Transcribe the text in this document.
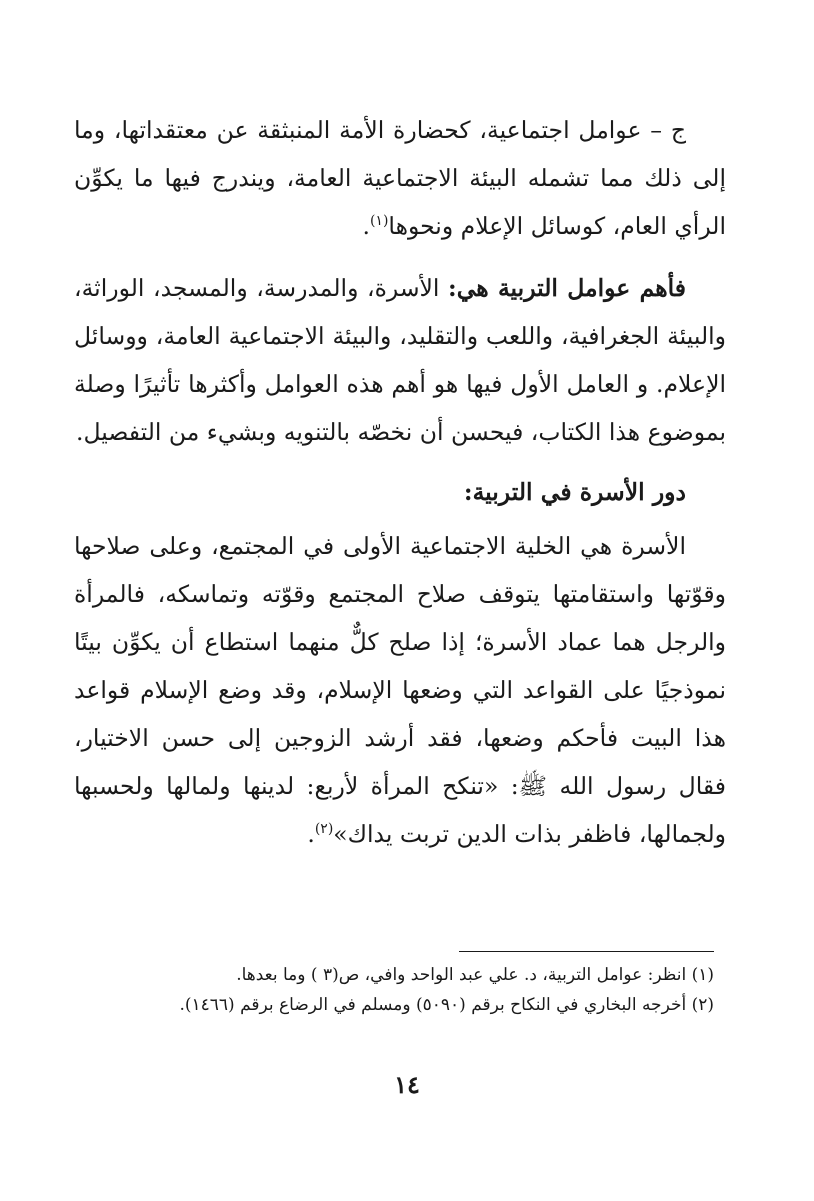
ج – عوامل اجتماعية، كحضارة الأمة المنبثقة عن معتقداتها، وما إلى ذلك مما تشمله البيئة الاجتماعية العامة، ويندرج فيها ما يكوِّن الرأي العام، كوسائل الإعلام ونحوها$^{(١)}$.

فأهم عوامل التربية هي: الأسرة، والمدرسة، والمسجد، الوراثة، والبيئة الجغرافية، واللعب والتقليد، والبيئة الاجتماعية العامة، ووسائل الإعلام. و العامل الأول فيها هو أهم هذه العوامل وأكثرها تأثيرًا وصلة بموضوع هذا الكتاب، فيحسن أن نخصّه بالتنويه وبشيء من التفصيل.

دور الأسرة في التربية:

الأسرة هي الخلية الاجتماعية الأولى في المجتمع، وعلى صلاحها وقوّتها واستقامتها يتوقف صلاح المجتمع وقوّته وتماسكه، فالمرأة والرجل هما عماد الأسرة؛ إذا صلح كلٌّ منهما استطاع أن يكوِّن بيتًا نموذجيًا على القواعد التي وضعها الإسلام، وقد وضع الإسلام قواعد هذا البيت فأحكم وضعها، فقد أرشد الزوجين إلى حسن الاختيار، فقال رسول الله ﷺ: «تنكح المرأة لأربع: لدينها ولمالها ولحسبها ولجمالها، فاظفر بذات الدين تربت يداك»$^{(٢)}$.

(١) انظر: عوامل التربية، د. علي عبد الواحد وافي، ص(٣ ) وما بعدها.

(٢) أخرجه البخاري في النكاح برقم (٥٠٩٠) ومسلم في الرضاع برقم (١٤٦٦).

١٤
